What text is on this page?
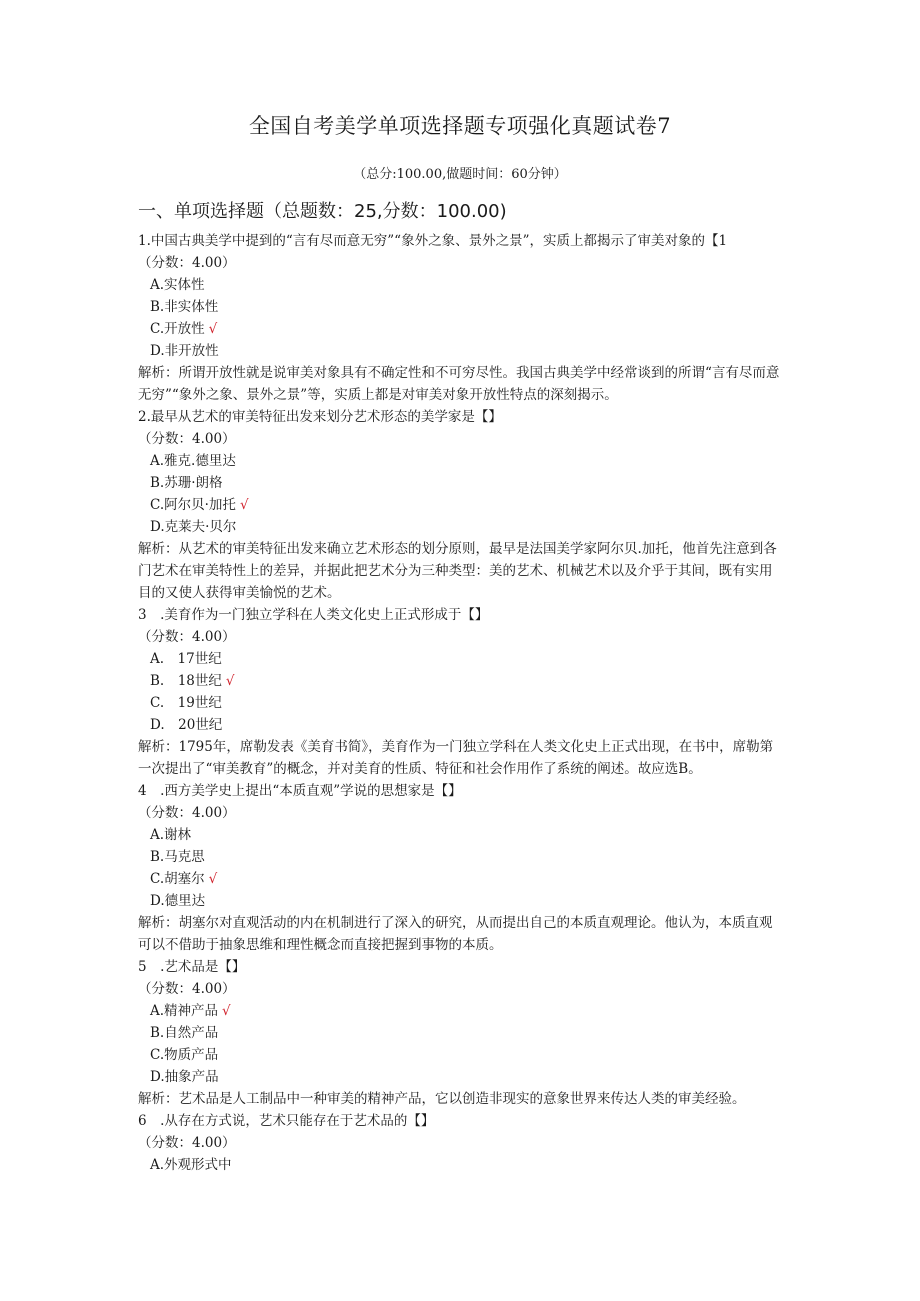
全国自考美学单项选择题专项强化真题试卷7
（总分:100.00,做题时间：60分钟）
一、单项选择题（总题数：25,分数：100.00)

1.中国古典美学中提到的“言有尽而意无穷”“象外之象、景外之景”，实质上都揭示了审美对象的【1

（分数：4.00）

A.实体性

B.非实体性

C.开放性 √

D.非开放性

解析：所谓开放性就是说审美对象具有不确定性和不可穷尽性。我国古典美学中经常谈到的所谓“言有尽而意无穷”“象外之象、景外之景”等，实质上都是对审美对象开放性特点的深刻揭示。

2.最早从艺术的审美特征出发来划分艺术形态的美学家是【】

（分数：4.00）

A.雅克.德里达

B.苏珊·朗格

C.阿尔贝·加托 √

D.克莱夫·贝尔

解析：从艺术的审美特征出发来确立艺术形态的划分原则，最早是法国美学家阿尔贝.加托，他首先注意到各门艺术在审美特性上的差异，并据此把艺术分为三种类型：美的艺术、机械艺术以及介乎于其间，既有实用目的又使人获得审美愉悦的艺术。

3　.美育作为一门独立学科在人类文化史上正式形成于【】

（分数：4.00）

A.　17世纪

B.　18世纪 √

C.　19世纪

D.　20世纪

解析：1795年，席勒发表《美育书简》，美育作为一门独立学科在人类文化史上正式出现，在书中，席勒第一次提出了“审美教育”的概念，并对美育的性质、特征和社会作用作了系统的阐述。故应选B。

4　.西方美学史上提出“本质直观”学说的思想家是【】

（分数：4.00）

A.谢林

B.马克思

C.胡塞尔 √

D.德里达

解析：胡塞尔对直观活动的内在机制进行了深入的研究，从而提出自己的本质直观理论。他认为，本质直观可以不借助于抽象思维和理性概念而直接把握到事物的本质。

5　.艺术品是【】

（分数：4.00）

A.精神产品 √

B.自然产品

C.物质产品

D.抽象产品

解析：艺术品是人工制品中一种审美的精神产品，它以创造非现实的意象世界来传达人类的审美经验。

6　.从存在方式说，艺术只能存在于艺术品的【】

（分数：4.00）

A.外观形式中
